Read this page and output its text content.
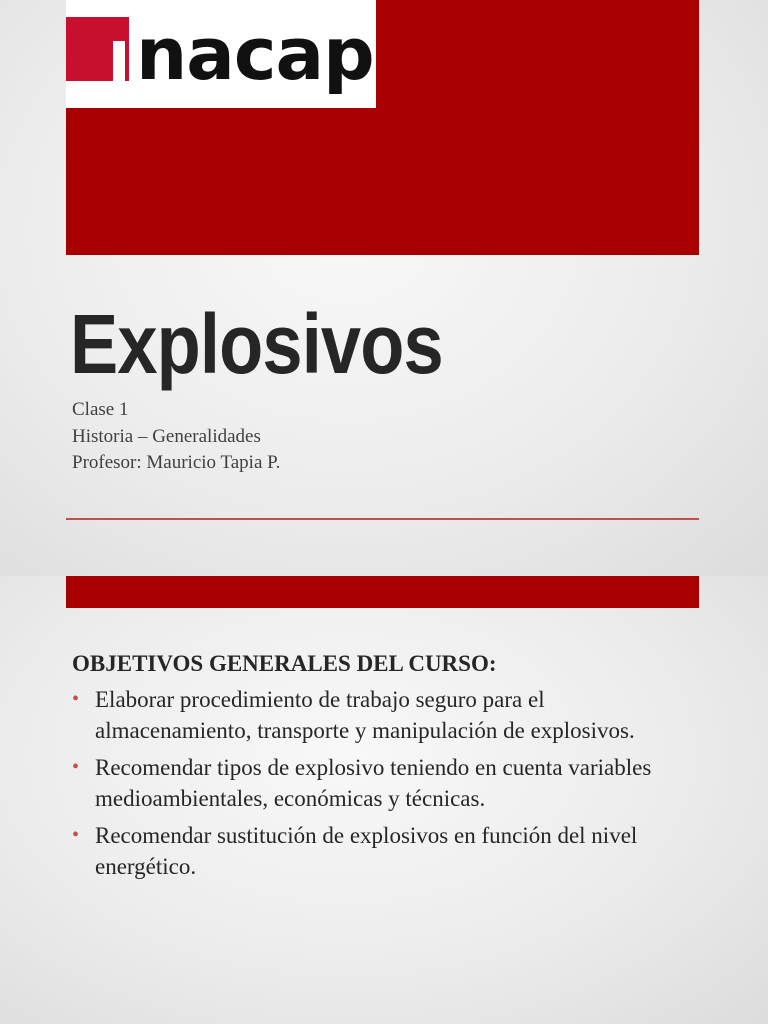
nacap
Explosivos
Clase 1
Historia – Generalidades
Profesor: Mauricio Tapia P.
OBJETIVOS GENERALES DEL CURSO:
• Elaborar procedimiento de trabajo seguro para el almacenamiento, transporte y manipulación de explosivos.
• Recomendar tipos de explosivo teniendo en cuenta variables medioambientales, económicas y técnicas.
• Recomendar sustitución de explosivos en función del nivel energético.
